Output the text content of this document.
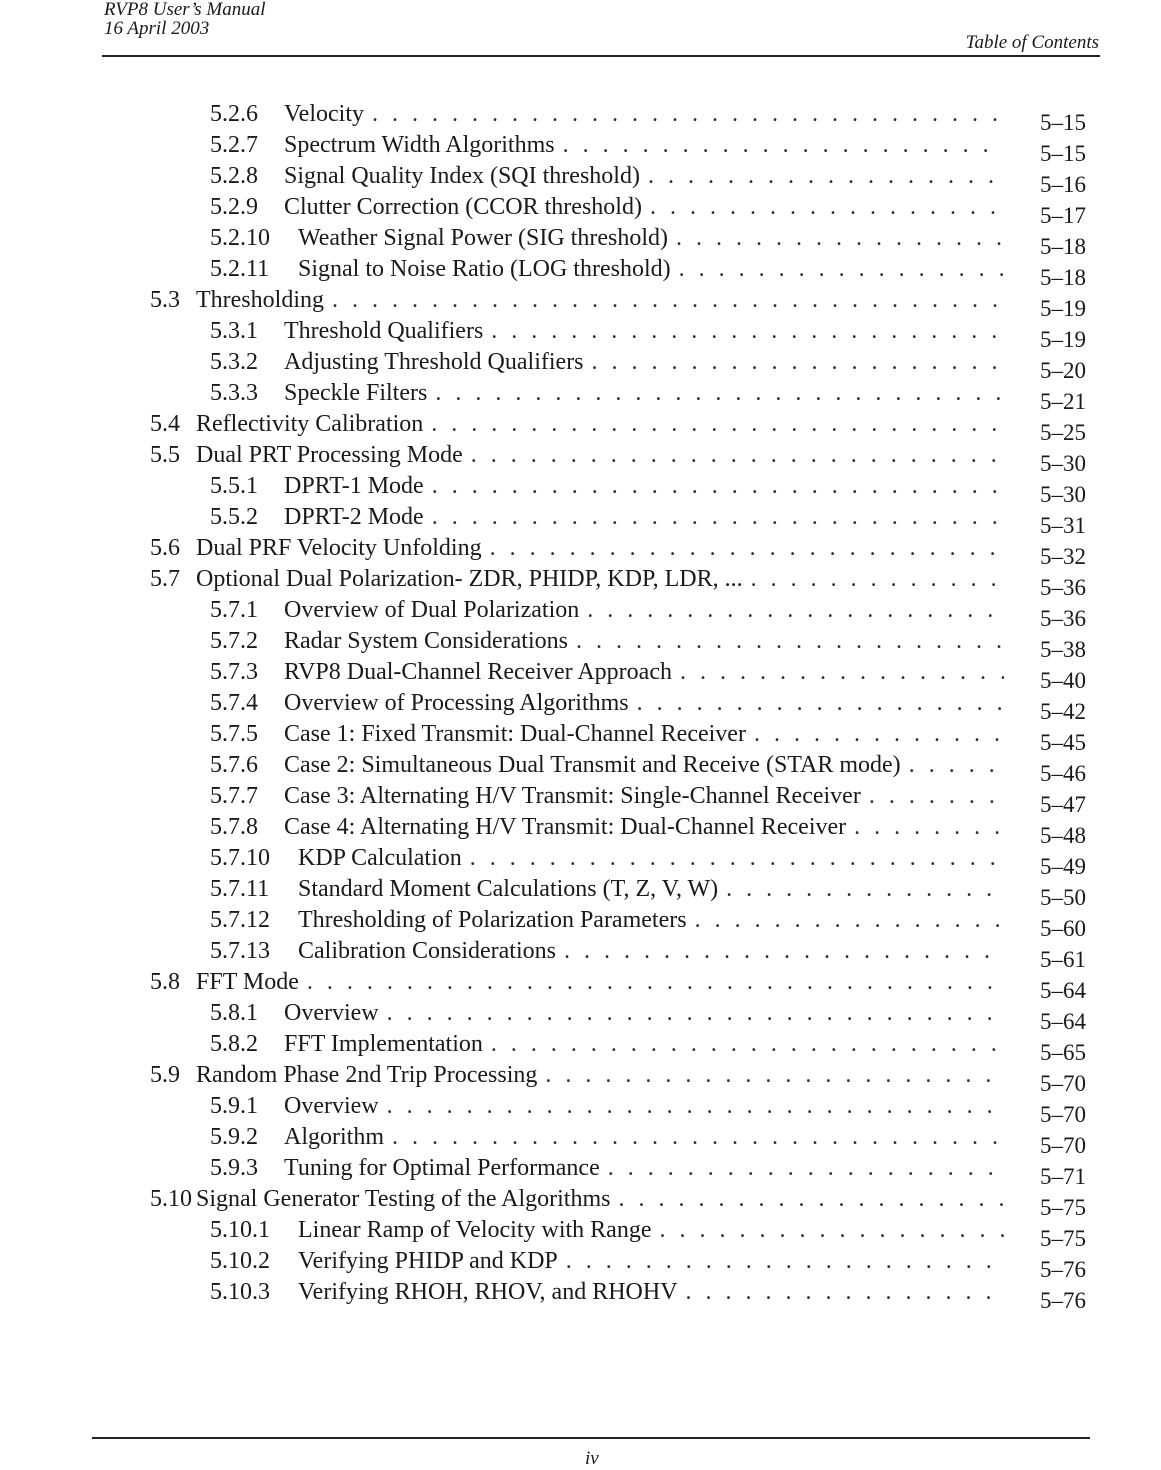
RVP8 User’s Manual
16 April 2003
Table of Contents
5.2.6	Velocity . . .	5–15
5.2.7	Spectrum Width Algorithms . . .	5–15
5.2.8	Signal Quality Index (SQI threshold) . . .	5–16
5.2.9	Clutter Correction (CCOR threshold) . . .	5–17
5.2.10	Weather Signal Power (SIG threshold) . . .	5–18
5.2.11	Signal to Noise Ratio (LOG threshold) . . .	5–18
5.3 Thresholding . . .	5–19
5.3.1	Threshold Qualifiers . . .	5–19
5.3.2	Adjusting Threshold Qualifiers . . .	5–20
5.3.3	Speckle Filters . . .	5–21
5.4 Reflectivity Calibration . . .	5–25
5.5 Dual PRT Processing Mode . . .	5–30
5.5.1	DPRT-1 Mode . . .	5–30
5.5.2	DPRT-2 Mode . . .	5–31
5.6 Dual PRF Velocity Unfolding . . .	5–32
5.7 Optional Dual Polarization- ZDR, PHIDP, KDP, LDR, ... . . .	5–36
5.7.1	Overview of Dual Polarization . . .	5–36
5.7.2	Radar System Considerations . . .	5–38
5.7.3	RVP8 Dual-Channel Receiver Approach . . .	5–40
5.7.4	Overview of Processing Algorithms . . .	5–42
5.7.5	Case 1: Fixed Transmit: Dual-Channel Receiver . . .	5–45
5.7.6	Case 2: Simultaneous Dual Transmit and Receive (STAR mode) . . .	5–46
5.7.7	Case 3: Alternating H/V Transmit: Single-Channel Receiver . . .	5–47
5.7.8	Case 4: Alternating H/V Transmit: Dual-Channel Receiver . . .	5–48
5.7.10	KDP Calculation . . .	5–49
5.7.11	Standard Moment Calculations (T, Z, V, W) . . .	5–50
5.7.12	Thresholding of Polarization Parameters . . .	5–60
5.7.13	Calibration Considerations . . .	5–61
5.8 FFT Mode . . .	5–64
5.8.1	Overview . . .	5–64
5.8.2	FFT Implementation . . .	5–65
5.9 Random Phase 2nd Trip Processing . . .	5–70
5.9.1	Overview . . .	5–70
5.9.2	Algorithm . . .	5–70
5.9.3	Tuning for Optimal Performance . . .	5–71
5.10 Signal Generator Testing of the Algorithms . . .	5–75
5.10.1	Linear Ramp of Velocity with Range . . .	5–75
5.10.2	Verifying PHIDP and KDP . . .	5–76
5.10.3	Verifying RHOH, RHOV, and RHOHV . . .	5–76
iv
